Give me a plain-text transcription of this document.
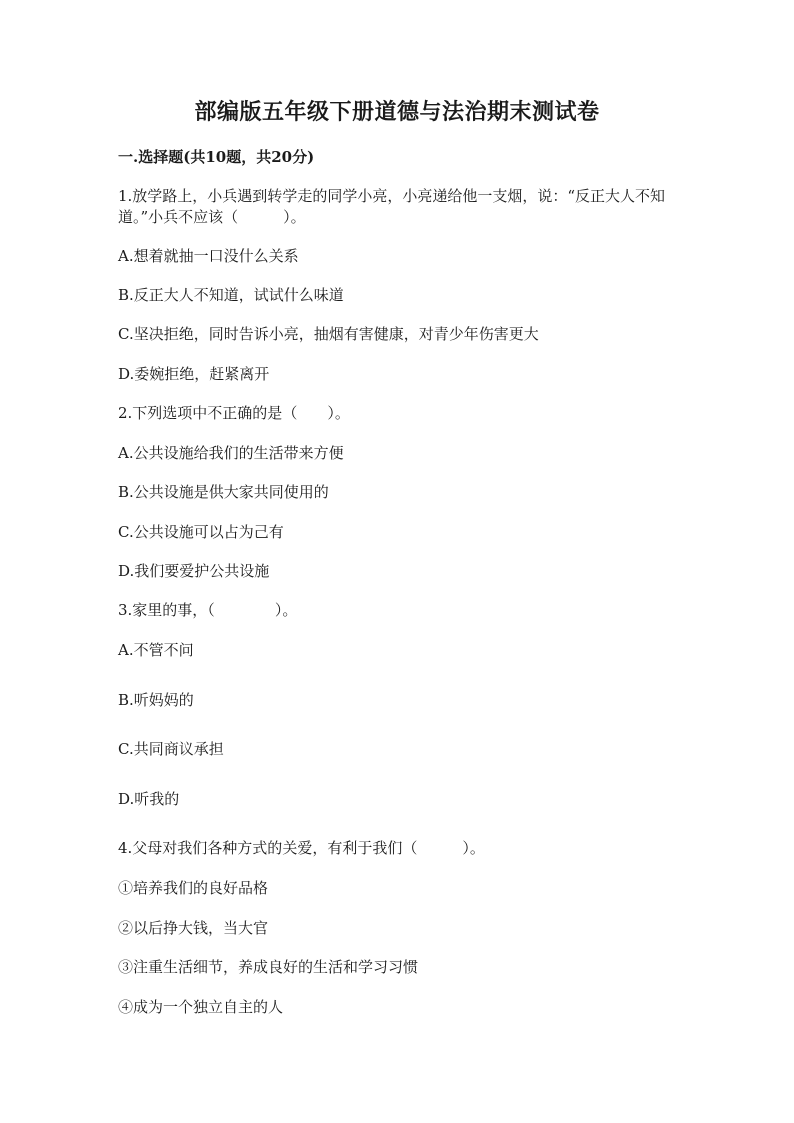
部编版五年级下册道德与法治期末测试卷
一.选择题(共10题，共20分)
1.放学路上，小兵遇到转学走的同学小亮，小亮递给他一支烟，说：“反正大人不知道。”小兵不应该（　　　）。
A.想着就抽一口没什么关系
B.反正大人不知道，试试什么味道
C.坚决拒绝，同时告诉小亮，抽烟有害健康，对青少年伤害更大
D.委婉拒绝，赶紧离开
2.下列选项中不正确的是（　　）。
A.公共设施给我们的生活带来方便
B.公共设施是供大家共同使用的
C.公共设施可以占为己有
D.我们要爱护公共设施
3.家里的事，（　　　　）。
A.不管不问
B.听妈妈的
C.共同商议承担
D.听我的
4.父母对我们各种方式的关爱，有利于我们（　　　）。
①培养我们的良好品格
②以后挣大钱，当大官
③注重生活细节，养成良好的生活和学习习惯
④成为一个独立自主的人
